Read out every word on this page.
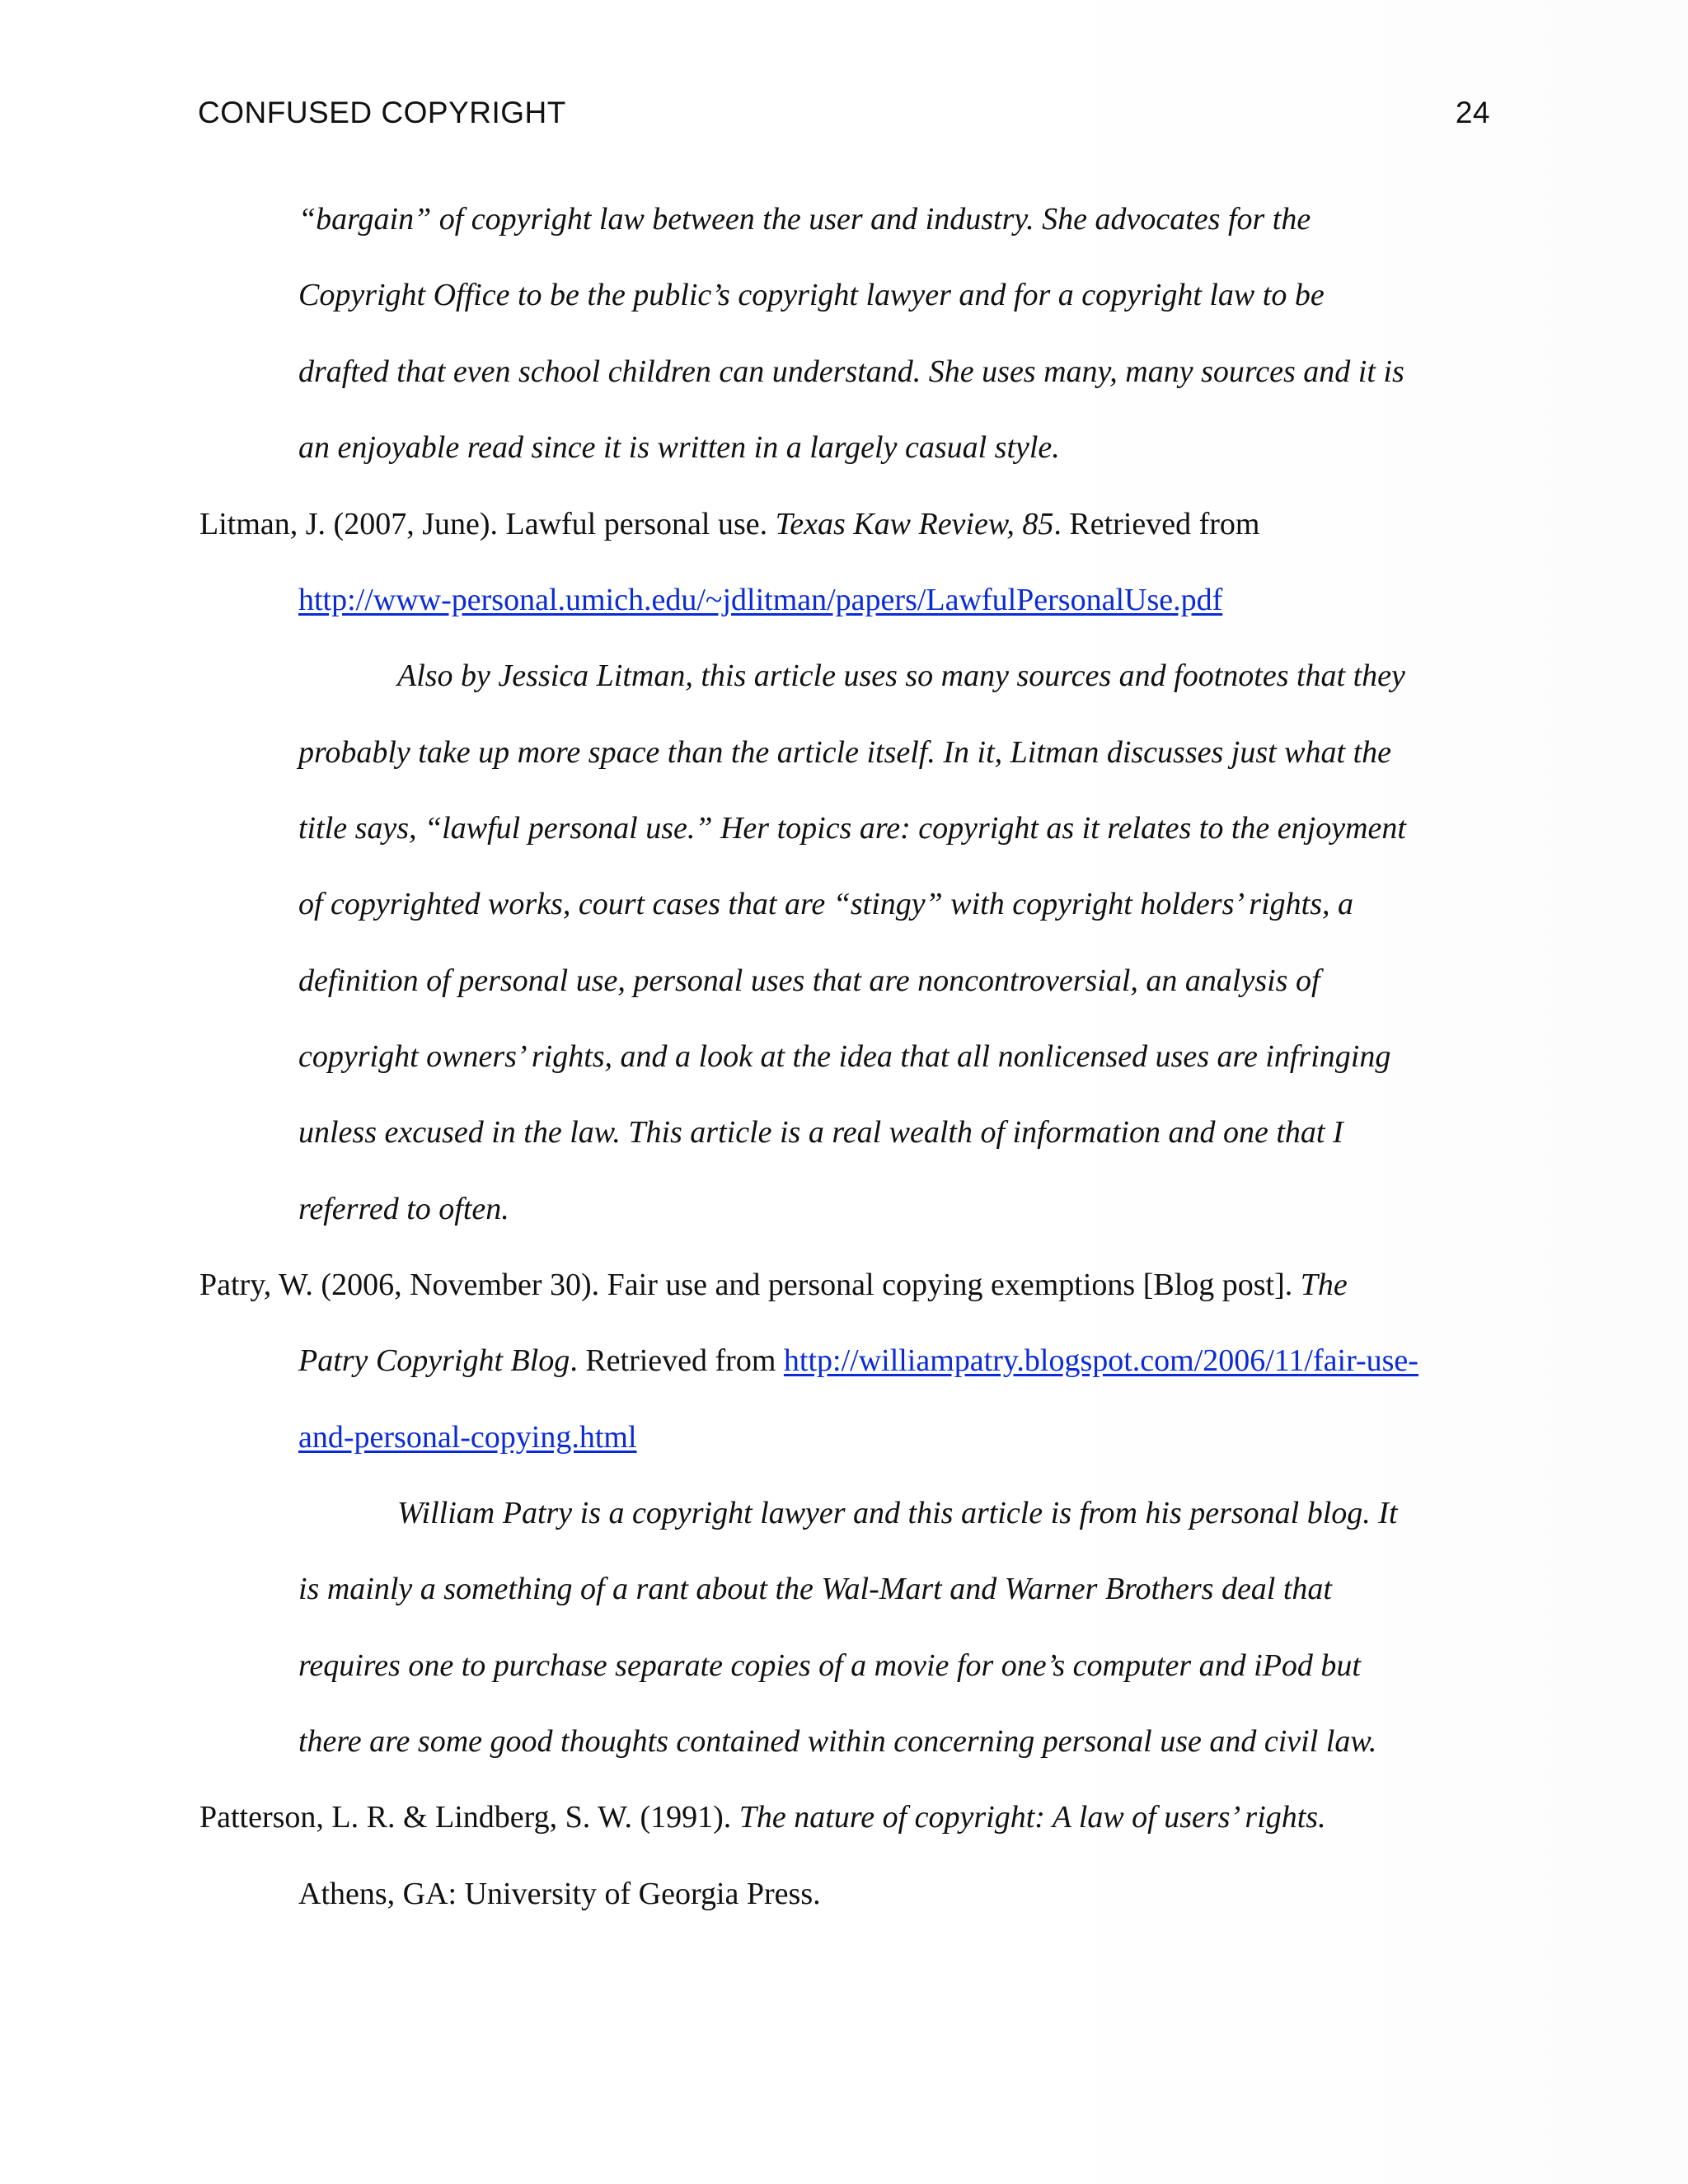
CONFUSED COPYRIGHT	24
“bargain” of copyright law between the user and industry. She advocates for the
Copyright Office to be the public’s copyright lawyer and for a copyright law to be
drafted that even school children can understand. She uses many, many sources and it is
an enjoyable read since it is written in a largely casual style.
Litman, J. (2007, June). Lawful personal use. Texas Kaw Review, 85. Retrieved from
http://www-personal.umich.edu/~jdlitman/papers/LawfulPersonalUse.pdf
Also by Jessica Litman, this article uses so many sources and footnotes that they
probably take up more space than the article itself. In it, Litman discusses just what the
title says, “lawful personal use.” Her topics are: copyright as it relates to the enjoyment
of copyrighted works, court cases that are “stingy” with copyright holders’ rights, a
definition of personal use, personal uses that are noncontroversial, an analysis of
copyright owners’ rights, and a look at the idea that all nonlicensed uses are infringing
unless excused in the law. This article is a real wealth of information and one that I
referred to often.
Patry, W. (2006, November 30). Fair use and personal copying exemptions [Blog post]. The
Patry Copyright Blog. Retrieved from http://williampatry.blogspot.com/2006/11/fair-use-
and-personal-copying.html
William Patry is a copyright lawyer and this article is from his personal blog. It
is mainly a something of a rant about the Wal-Mart and Warner Brothers deal that
requires one to purchase separate copies of a movie for one’s computer and iPod but
there are some good thoughts contained within concerning personal use and civil law.
Patterson, L. R. & Lindberg, S. W. (1991). The nature of copyright: A law of users’ rights.
Athens, GA: University of Georgia Press.
